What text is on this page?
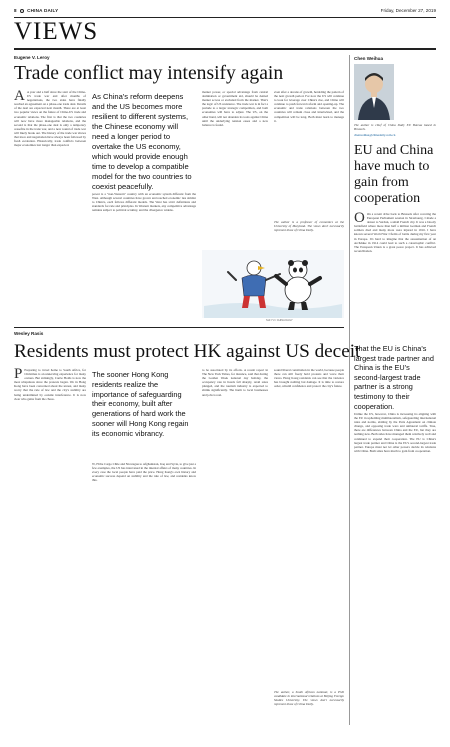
8 CHINA DAILY	Friday, December 27, 2019
VIEWS
Eugene V. Leroy
Trade conflict may intensify again
A A year and a half since the start of the China-US trade war and after months of negotiations, the two sides have finally reached an agreement on a phase-one trade deal. Details of the deal are expected next month. There are at least two popular views on the future of China-US trade and economic relations. The first is that the two countries will now have more manageable relations, and the second is that the phase-one deal is only a temporary ceasefire in the trade war, and a new round of trade war will likely break out. The history of the trade war shows that truce and negotiation have always been followed by fresh escalation. Historically, trade conflicts between major economies last longer than expected.
As China's reform deepens and the US becomes more resilient to different systems, the Chinese economy will need a longer period to overtake the US economy, which would provide enough time to develop a compatible model for the two countries to coexist peacefully.
power is a "non-Western" country with an economic system different from the West. Although several countries have grown and reached economic ties similar to China's, each follows different models. The West has strict definitions and standards for rule and principles. In Western markets, any competitive advantage remains subject to political scrutiny, and the divergence widens.
market power, or special advantage from central domination or government aid, should be denied market access or excluded from the market. That's the logic of US resistance. The trade war is in fact a prelude to a larger strategic competition, and both economies will have to adjust. The US, on the other hand, will not abandon its tools against China until the underlying tension eases and a new balance is found.
even after a decade of growth, heralding the pattern of the next growth period. For now the US will continue to look for leverage over China's rise, and China will continue to push forward reform and opening-up. The economic and trade relations between the two countries will remain close and intertwined, and the competition will be long. Both must learn to manage it.
The author is a professor of economics at the University of Maryland. The views don't necessarily represent those of China Daily.
SHI YU / CHINA DAILY
Chen Weihua
The author is chief of China Daily EU Bureau based in Brussels.
chenweihua@chinadaily.com.cn
EU and China have much to gain from cooperation
O On a recent drive back to Brussels after covering the European Parliament session in Strasbourg, I made a detour to Verdun, a small French city. It was a bloody battlefield where more than half a million German and French soldiers died and many more were injured in 1916. I have known several World War I fields of battle during my first year in Europe. It's hard to imagine that the assassination of an Archduke in 1914 could lead to such a catastrophic conflict. The European Union is a great peace project. It has achieved reconciliation.
That the EU is China's largest trade partner and China is the EU's second-largest trade partner is a strong testimony to their cooperation.
Unlike the US, however, China is increasing its aligning with the EU in upholding multilateralism, safeguarding international rules and norms, abiding by the Paris Agreement on climate change, and opposing trade wars and unilateral tariffs. True, there are differences between China and the EU, but they are nothing new. Both sides have managed them relatively well and continued to expand their cooperation. The EU is China's largest trade partner and China is the EU's second-largest trade partner. Europe must not let other powers decide its relations with China. Both sides have much to gain from cooperation.
Wesley Rasis
Residents must protect HK against US deceit
P Preparing to travel home to South Africa, for Christmas is an unnerving experience for many owners. But strikingly, Carrie Holds is now the most ubiquitous since the protests began. We in Hong Kong have been concerned about the unrest, and many worry that the rule of law and the city's stability are being undermined by outside interference. It is now clear who gains from the chaos.
The sooner Hong Kong residents realize the importance of safeguarding their economy, built after generations of hard work the sooner will Hong Kong regain its economic vibrancy.
W, H the Cargo Chile and Nicaragua to Afghanistan, Iraq and Syria, to give just a few examples, the US has intervened in the internal affairs of many countries. In every case the local people have paid the price. Hong Kong's own history and economic success depend on stability and the rule of law, and residents know this.
to be associated by its efforts. A recent report in The New York Times, for instance, said that during the Golden Week national day holiday, the occupancy rate in hotels fell sharply, retail sales plunged, and the tourism industry is expected to shrink significantly. The harm to local businesses and jobs is real.
sound liberal constitution in the world, because people there can still freely hold protests and voice their views. Hong Kong residents can see that the violence has brought nothing but damage. It is time to restore order, rebuild confidence and protect the city's future.
The author, a South African national, is a PhD candidate in international relations at Beijing Foreign Studies University. The views don't necessarily represent those of China Daily.
